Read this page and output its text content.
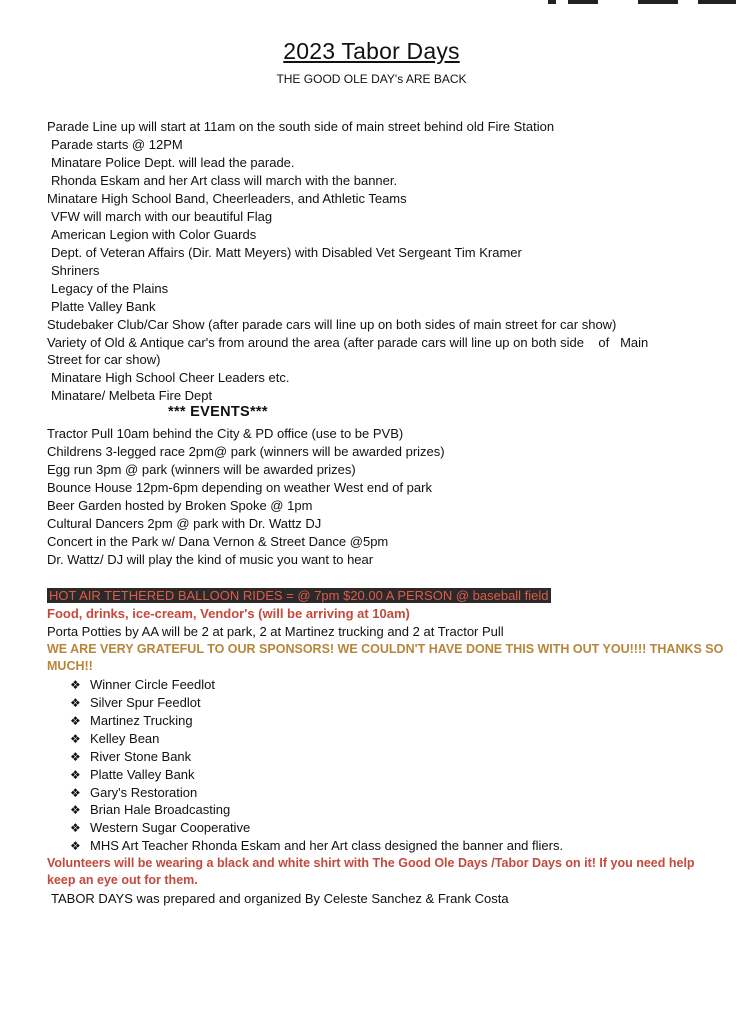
2023 Tabor Days
THE GOOD OLE DAY's ARE BACK
Parade Line up will start at 11am on the south side of main street behind old Fire Station
Parade starts @ 12PM
Minatare Police Dept. will lead the parade.
Rhonda Eskam and her Art class will march with the banner.
Minatare High School Band, Cheerleaders, and Athletic Teams
VFW will march with our beautiful Flag
American Legion with Color Guards
Dept. of Veteran Affairs (Dir. Matt Meyers) with Disabled Vet Sergeant Tim Kramer
Shriners
Legacy of the Plains
Platte Valley Bank
Studebaker Club/Car Show (after parade cars will line up on both sides of main street for car show)
Variety of Old & Antique car's from around the area (after parade cars will line up on both side    of   Main
Street for car show)
Minatare High School Cheer Leaders etc.
Minatare/ Melbeta Fire Dept
*** EVENTS***
Tractor Pull 10am behind the City & PD office (use to be PVB)
Childrens 3-legged race 2pm@ park (winners will be awarded prizes)
Egg run 3pm @ park (winners will be awarded prizes)
Bounce House 12pm-6pm depending on weather West end of park
Beer Garden hosted by Broken Spoke @ 1pm
Cultural Dancers 2pm @ park with Dr. Wattz DJ
Concert in the Park w/ Dana Vernon & Street Dance @5pm
Dr. Wattz/ DJ will play the kind of music you want to hear
HOT AIR TETHERED BALLOON RIDES = @ 7pm $20.00 A PERSON @ baseball field
Food, drinks, ice-cream, Vendor's (will be arriving at 10am)
Porta Potties by AA will be 2 at park, 2 at Martinez trucking and 2 at Tractor Pull
WE ARE VERY GRATEFUL TO OUR SPONSORS! WE COULDN'T HAVE DONE THIS WITH OUT YOU!!!! THANKS SO
MUCH!!
❖ Winner Circle Feedlot
❖ Silver Spur Feedlot
❖ Martinez Trucking
❖ Kelley Bean
❖ River Stone Bank
❖ Platte Valley Bank
❖ Gary's Restoration
❖ Brian Hale Broadcasting
❖ Western Sugar Cooperative
❖ MHS Art Teacher Rhonda Eskam and her Art class designed the banner and fliers.
Volunteers will be wearing a black and white shirt with The Good Ole Days /Tabor Days on it! If you need help
keep an eye out for them.
TABOR DAYS was prepared and organized By Celeste Sanchez & Frank Costa
